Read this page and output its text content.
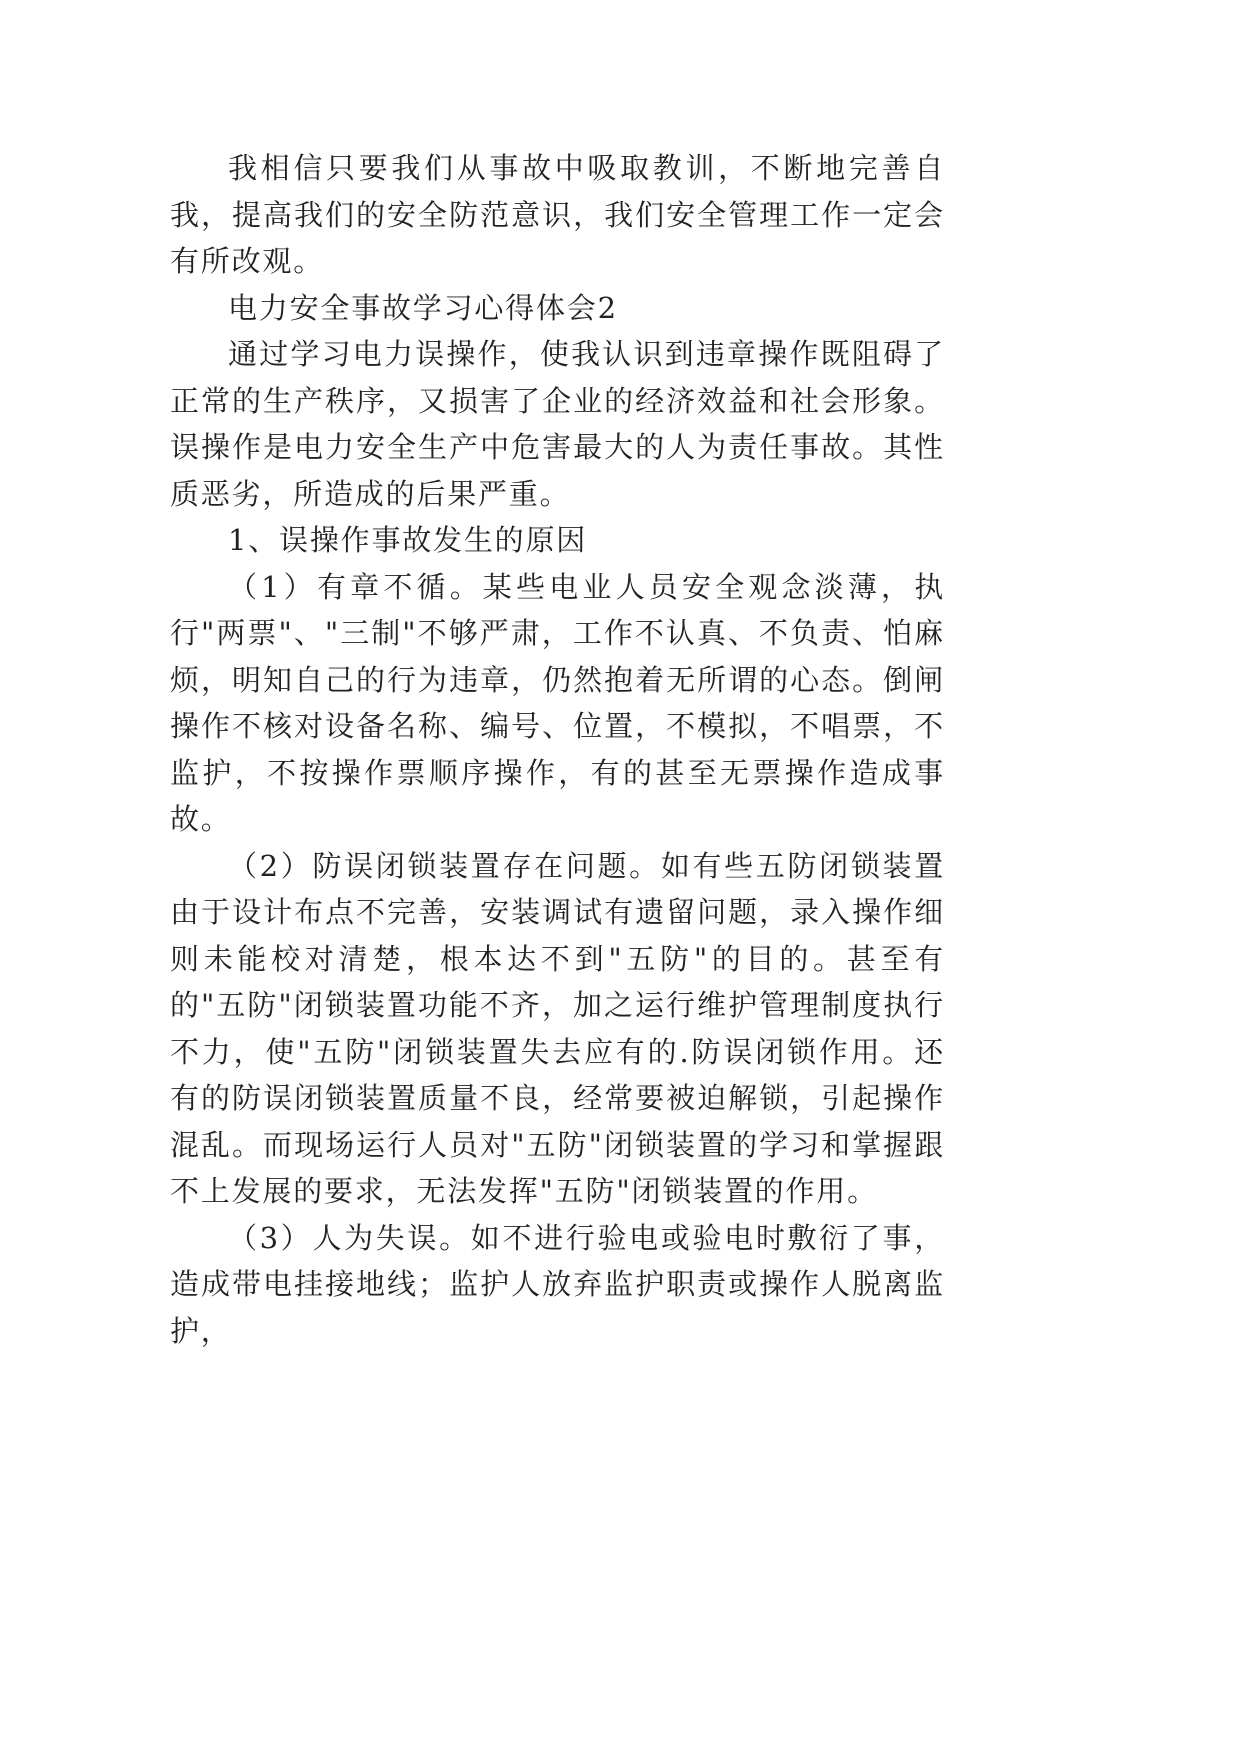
我相信只要我们从事故中吸取教训，不断地完善自我，提高我们的安全防范意识，我们安全管理工作一定会有所改观。

电力安全事故学习心得体会2

通过学习电力误操作，使我认识到违章操作既阻碍了正常的生产秩序，又损害了企业的经济效益和社会形象。误操作是电力安全生产中危害最大的人为责任事故。其性质恶劣，所造成的后果严重。

1、误操作事故发生的原因

（1）有章不循。某些电业人员安全观念淡薄，执行"两票"、"三制"不够严肃，工作不认真、不负责、怕麻烦，明知自己的行为违章，仍然抱着无所谓的心态。倒闸操作不核对设备名称、编号、位置，不模拟，不唱票，不监护，不按操作票顺序操作，有的甚至无票操作造成事故。

（2）防误闭锁装置存在问题。如有些五防闭锁装置由于设计布点不完善，安装调试有遗留问题，录入操作细则未能校对清楚，根本达不到"五防"的目的。甚至有的"五防"闭锁装置功能不齐，加之运行维护管理制度执行不力，使"五防"闭锁装置失去应有的.防误闭锁作用。还有的防误闭锁装置质量不良，经常要被迫解锁，引起操作混乱。而现场运行人员对"五防"闭锁装置的学习和掌握跟不上发展的要求，无法发挥"五防"闭锁装置的作用。

（3）人为失误。如不进行验电或验电时敷衍了事，造成带电挂接地线；监护人放弃监护职责或操作人脱离监护，
